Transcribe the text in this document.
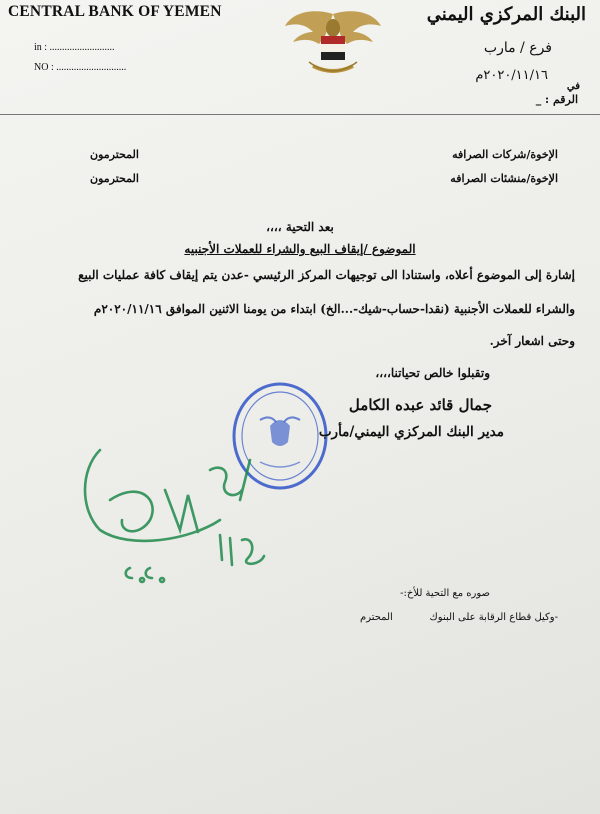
CENTRAL BANK OF YEMEN
in : ..........................
NO : ............................
البنك المركزي اليمني
فرع / مارب
٢٠٢٠/١١/١٦م
في
الرقم : _
الإخوة/شركات الصرافه
المحترمون
الإخوة/منشئات الصرافه
المحترمون
بعد التحية ،،،،
الموضوع /إيقاف البيع والشراء للعملات الأجنبيه
إشارة إلى الموضوع أعلاه، واستنادا الى توجيهات المركز الرئيسي -عدن يتم إيقاف كافة عمليات البيع
والشراء للعملات الأجنبية (نقدا-حساب-شيك-...الخ) ابتداء من يومنا الاثنين الموافق ٢٠٢٠/١١/١٦م
وحتى اشعار آخر.
وتقبلوا خالص تحياتنا،،،،
جمال قائد عبده الكامل
مدير البنك المركزي اليمني/مأرب
صوره مع التحية للأخ:-
-وكيل قطاع الرقابة على البنوك
المحترم
